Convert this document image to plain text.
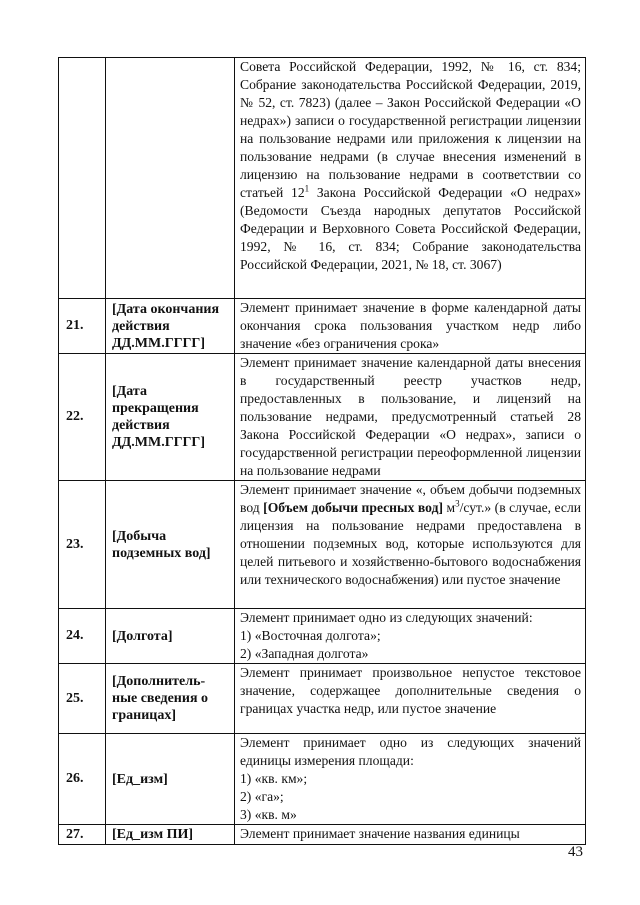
		Совета Российской Федерации, 1992, № 16, ст. 834; Собрание законодательства Российской Федерации, 2019, № 52, ст. 7823) (далее – Закон Российской Федерации «О недрах») записи о государственной регистрации лицензии на пользование недрами или приложения к лицензии на пользование недрами (в случае внесения изменений в лицензию на пользование недрами в соответствии со статьей $12^1$ Закона Российской Федерации «О недрах» (Ведомости Съезда народных депутатов Российской Федерации и Верховного Совета Российской Федерации, 1992, № 16, ст. 834; Собрание законодательства Российской Федерации, 2021, № 18, ст. 3067)
21.	[Дата окончания действия ДД.ММ.ГГГГ]	Элемент принимает значение в форме календарной даты окончания срока пользования участком недр либо значение «без ограничения срока»
22.	[Дата прекращения действия ДД.ММ.ГГГГ]	Элемент принимает значение календарной даты внесения в государственный реестр участков недр, предоставленных в пользование, и лицензий на пользование недрами, предусмотренный статьей 28 Закона Российской Федерации «О недрах», записи о государственной регистрации переоформленной лицензии на пользование недрами
23.	[Добыча подземных вод]	Элемент принимает значение «, объем добычи подземных вод [Объем добычи пресных вод] $м^3$/сут.» (в случае, если лицензия на пользование недрами предоставлена в отношении подземных вод, которые используются для целей питьевого и хозяйственно-бытового водоснабжения или технического водоснабжения) или пустое значение
24.	[Долгота]	Элемент принимает одно из следующих значений:

1) «Восточная долгота»;

2) «Западная долгота»

25.	[Дополнитель-ные сведения о границах]	Элемент принимает произвольное непустое текстовое значение, содержащее дополнительные сведения о границах участка недр, или пустое значение
26.	[Ед_изм]	Элемент принимает одно из следующих значений единицы измерения площади:

1) «кв. км»;

2) «га»;

3) «кв. м»

27.	[Ед_изм ПИ]	Элемент принимает значение названия единицы
43
